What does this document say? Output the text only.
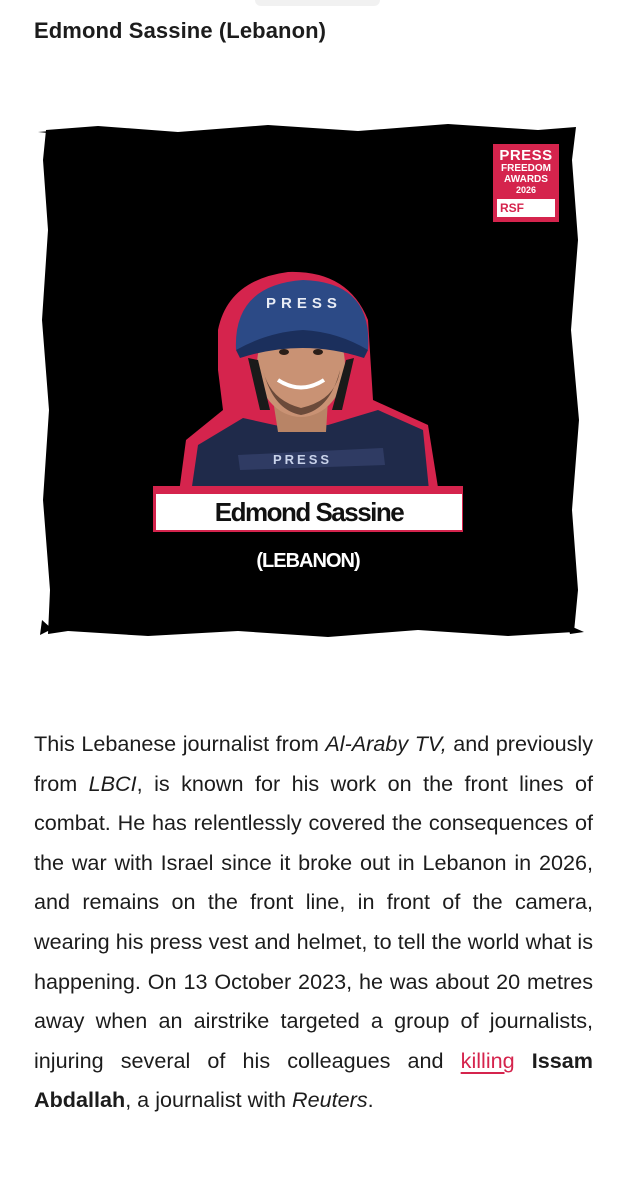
Edmond Sassine (Lebanon)
PRESS
FREEDOM
AWARDS
2026
RSF
PRESS
PRESS
Edmond Sassine
(LEBANON)

This Lebanese journalist from Al-Araby TV, and previously from LBCI, is known for his work on the front lines of combat. He has relentlessly covered the consequences of the war with Israel since it broke out in Lebanon in 2026, and remains on the front line, in front of the camera, wearing his press vest and helmet, to tell the world what is happening. On 13 October 2023, he was about 20 metres away when an airstrike targeted a group of journalists, injuring several of his colleagues and killing Issam Abdallah, a journalist with Reuters.
